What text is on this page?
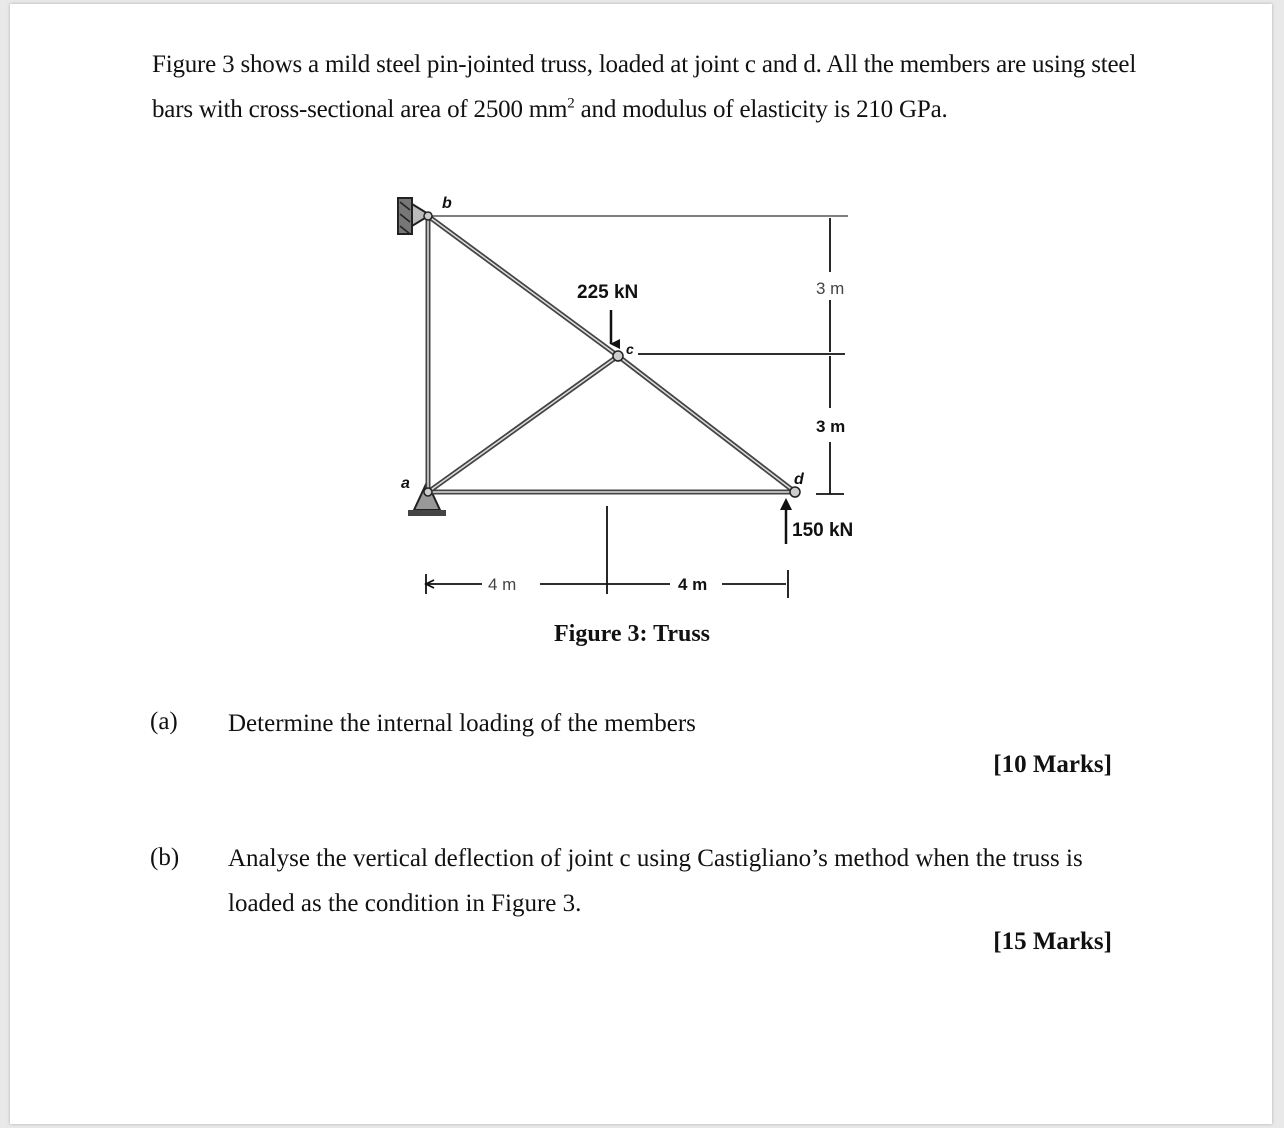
Figure 3 shows a mild steel pin-jointed truss, loaded at joint c and d. All the members are using steel bars with cross-sectional area of 2500 $mm^2$ and modulus of elasticity is 210 GPa.
b
c
a	d
225 kN
150 kN
3 m
3 m
4 m	4 m
Figure 3: Truss
(a) Determine the internal loading of the members
[10 Marks]
(b) Analyse the vertical deflection of joint c using Castigliano’s method when the truss is loaded as the condition in Figure 3.
[15 Marks]
